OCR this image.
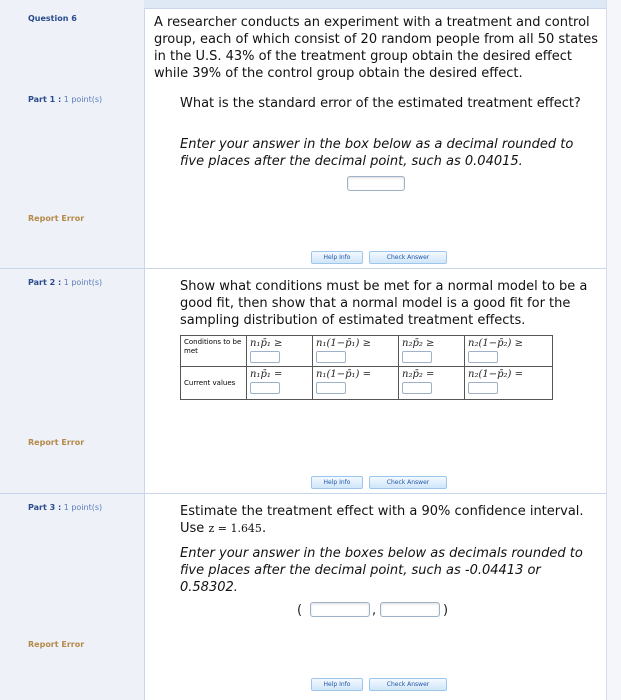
Question 6	A researcher conducts an experiment with a treatment and control group, each of which consist of 20 random people from all 50 states in the U.S. 43% of the treatment group obtain the desired effect while 39% of the control group obtain the desired effect.
Part 1 : 1 point(s)	What is the standard error of the estimated treatment effect?
Enter your answer in the box below as a decimal rounded to five places after the decimal point, such as 0.04015.
Report Error
Help Info	Check Answer
Part 2 : 1 point(s)	Show what conditions must be met for a normal model to be a good fit, then show that a normal model is a good fit for the sampling distribution of estimated treatment effects.
Conditions to be met	n₁p̄₁ ≥	n₁(1−p̄₁) ≥	n₂p̄₂ ≥	n₂(1−p̄₂) ≥

Current values	n₁p̄₁ =	n₁(1−p̄₁) =	n₂p̄₂ =	n₂(1−p̄₂) =
Report Error
Help Info	Check Answer
Part 3 : 1 point(s)	Estimate the treatment effect with a 90% confidence interval. Use z = 1.645.
Enter your answer in the boxes below as decimals rounded to five places after the decimal point, such as -0.04413 or 0.58302.
(	,	)
Report Error
Help Info	Check Answer
